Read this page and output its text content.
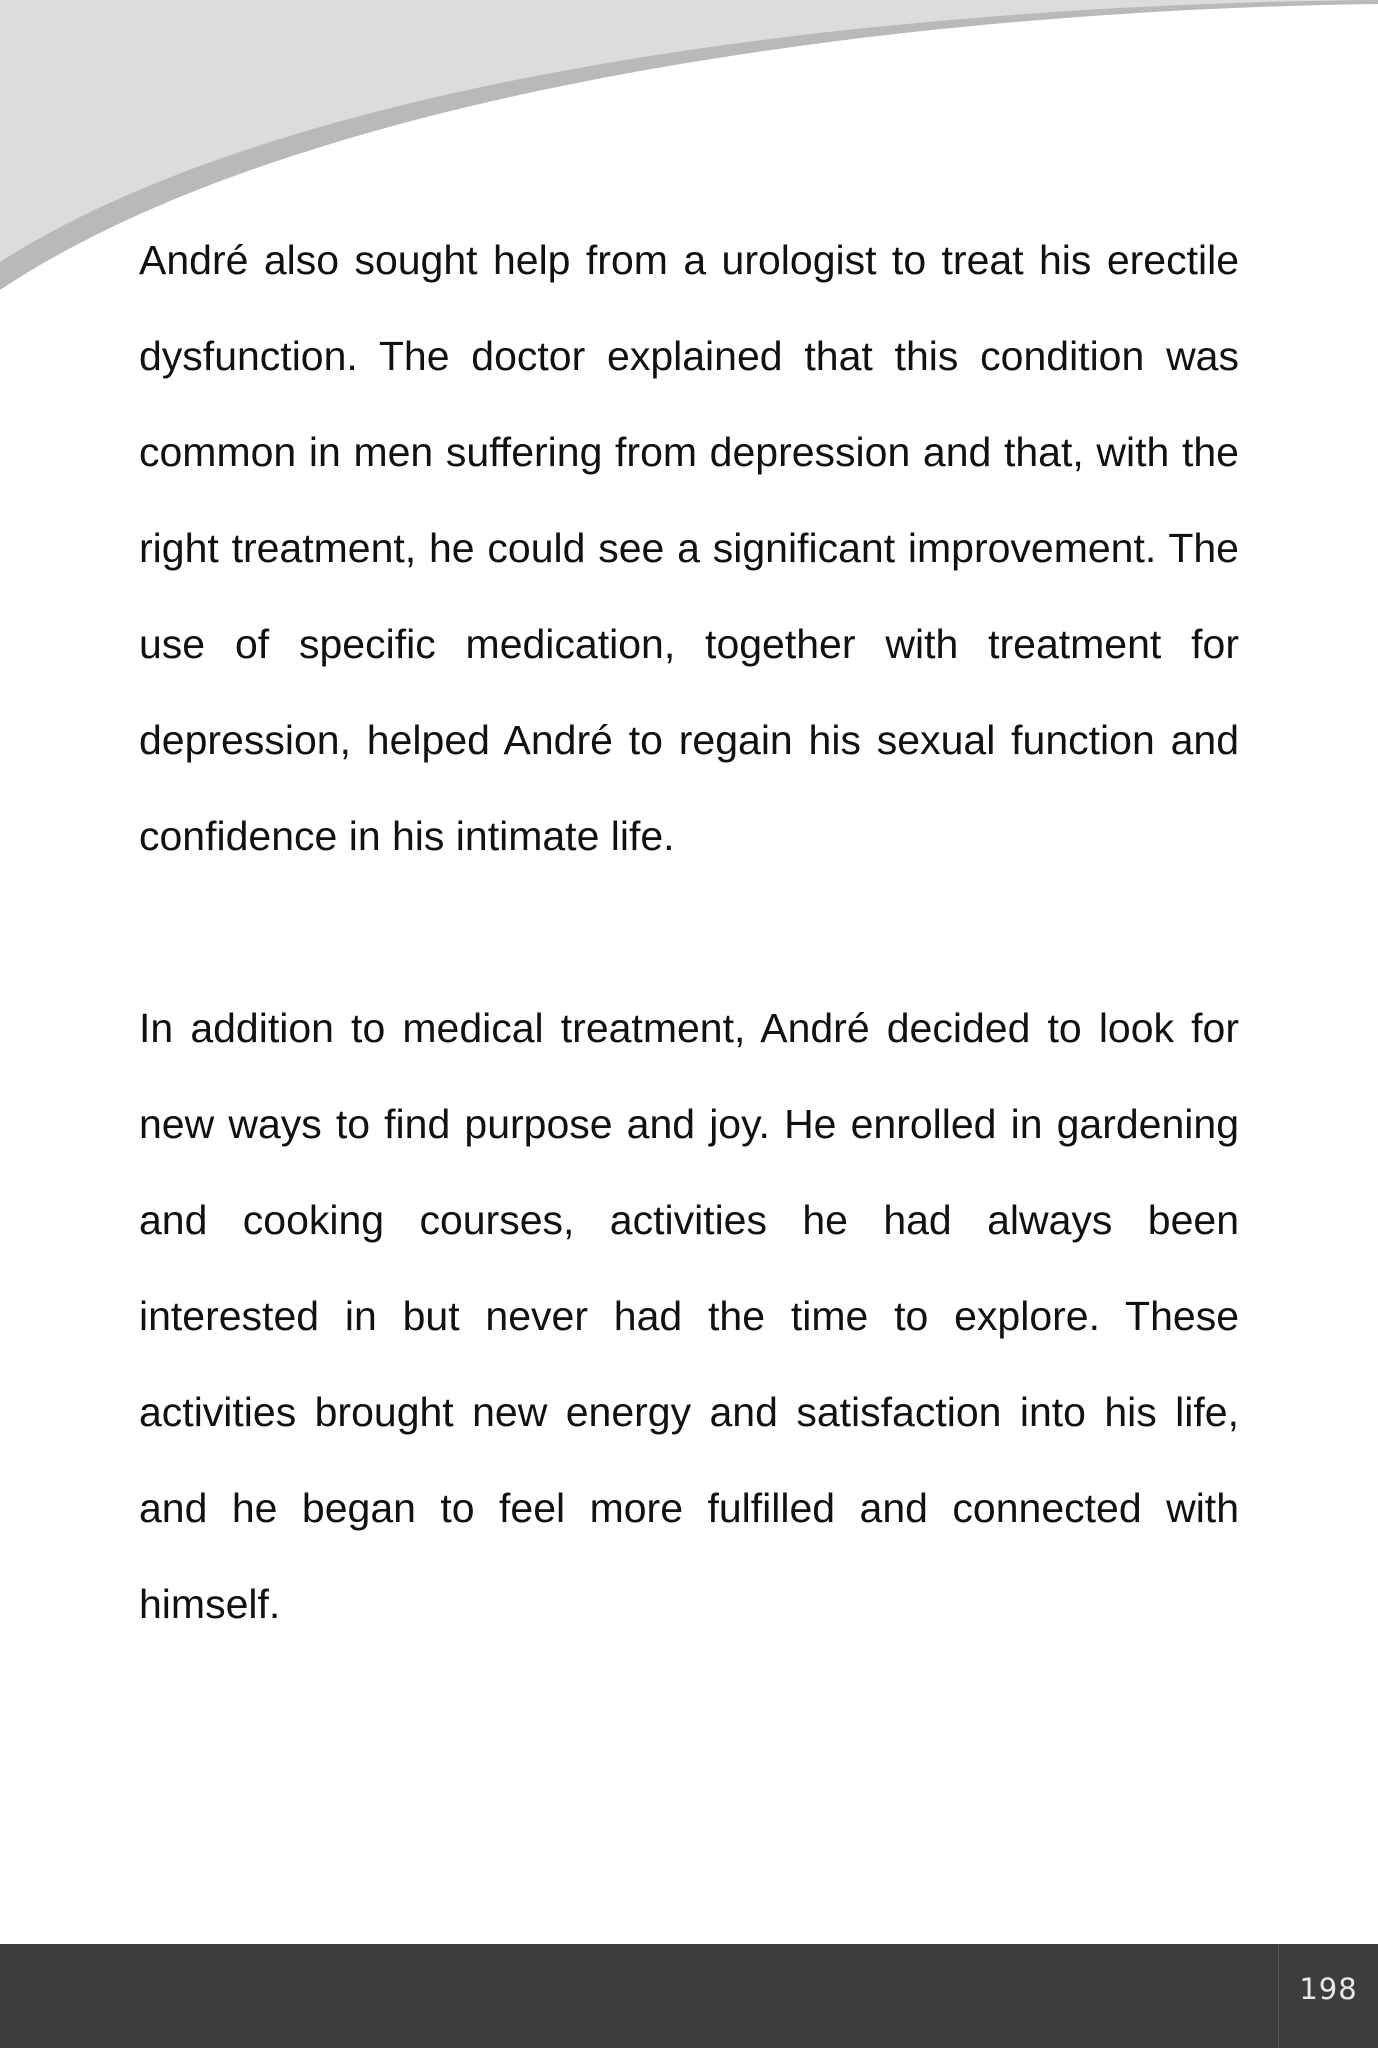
André also sought help from a urologist to treat his erectile dysfunction. The doctor explained that this condition was common in men suffering from depression and that, with the right treatment, he could see a significant improvement. The use of specific medication, together with treatment for depression, helped André to regain his sexual function and confidence in his intimate life.

In addition to medical treatment, André decided to look for new ways to find purpose and joy. He enrolled in gardening and cooking courses, activities he had always been interested in but never had the time to explore. These activities brought new energy and satisfaction into his life, and he began to feel more fulfilled and connected with himself.

198
